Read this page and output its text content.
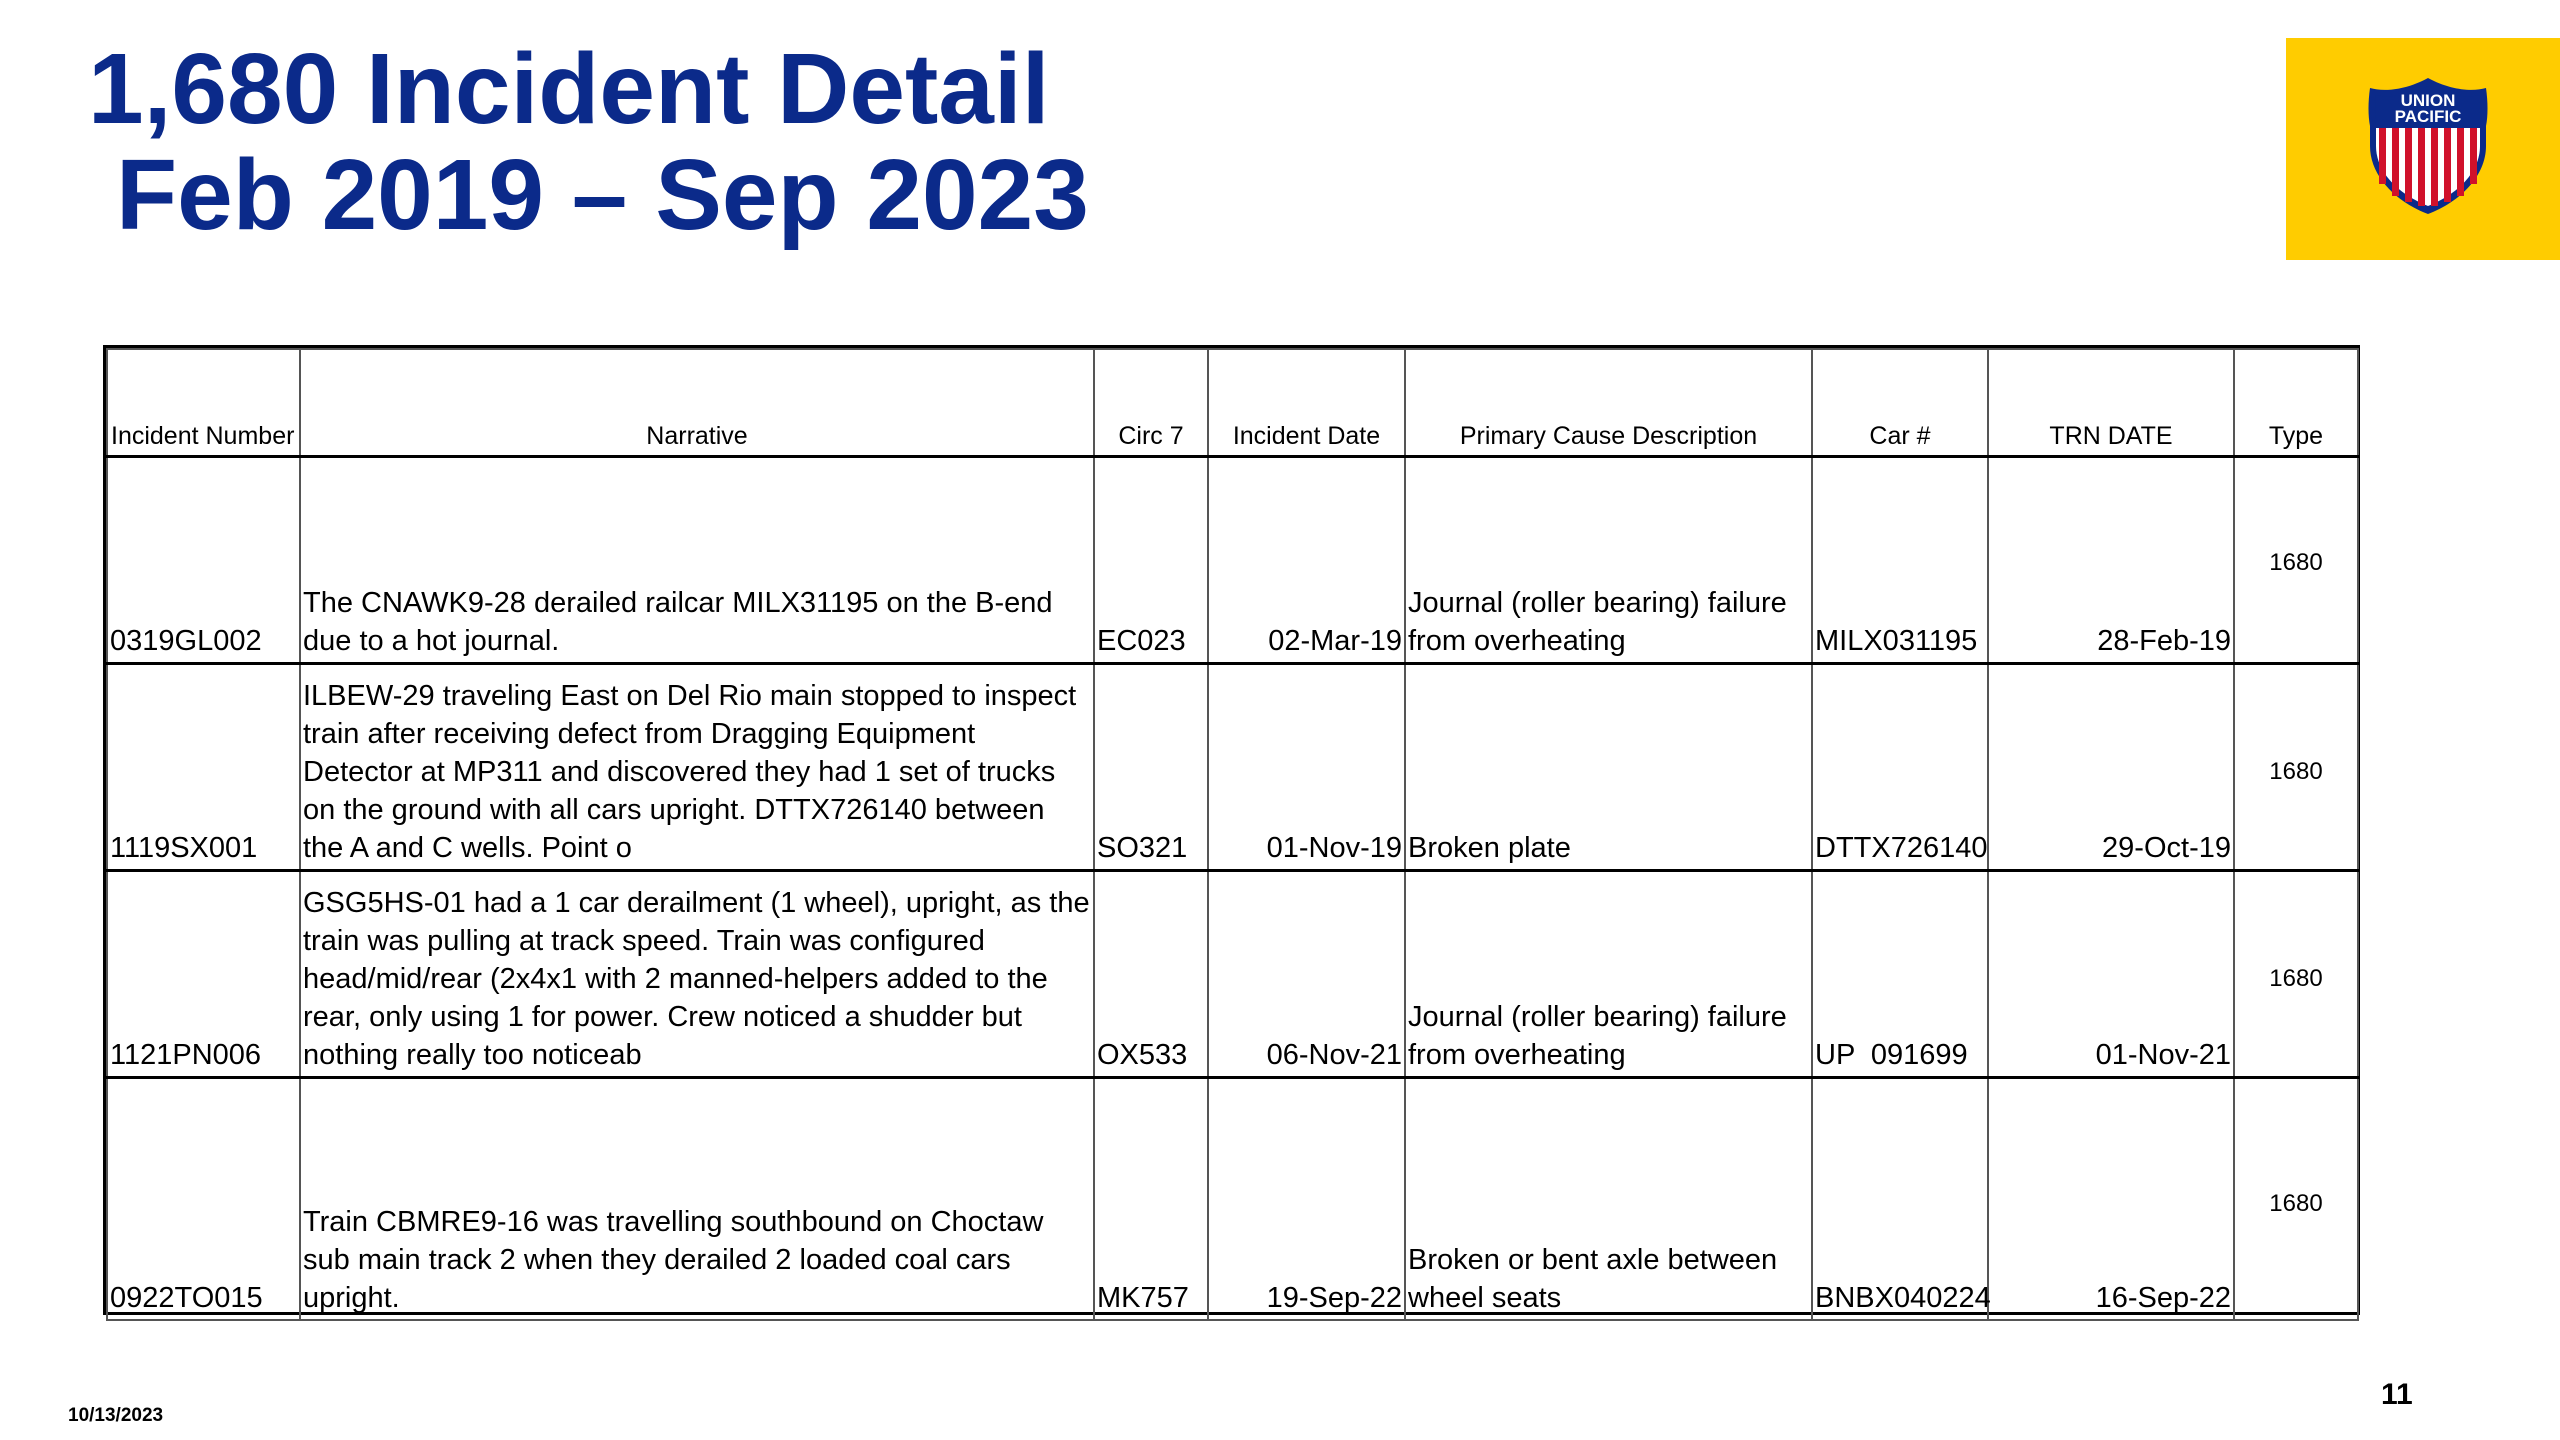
1,680 Incident Detail
Feb 2019 – Sep 2023
UNION
PACIFIC
Incident Number	Narrative	Circ 7	Incident Date	Primary Cause Description	Car #	TRN DATE	Type
0319GL002	The CNAWK9-28 derailed railcar MILX31195 on the B-end due to a hot journal.	EC023	02-Mar-19	Journal (roller bearing) failure from overheating	MILX031195	28-Feb-19	1680
1119SX001	ILBEW-29 traveling East on Del Rio main stopped to inspect train after receiving defect from Dragging Equipment Detector at MP311 and discovered they had 1 set of trucks on the ground with all cars upright. DTTX726140 between the A and C wells. Point o	SO321	01-Nov-19	Broken plate	DTTX726140	29-Oct-19	1680
1121PN006	GSG5HS-01 had a 1 car derailment (1 wheel), upright, as the train was pulling at track speed. Train was configured head/mid/rear (2x4x1 with 2 manned-helpers added to the rear, only using 1 for power. Crew noticed a shudder but nothing really too noticeab	OX533	06-Nov-21	Journal (roller bearing) failure from overheating	UP  091699	01-Nov-21	1680
0922TO015	Train CBMRE9-16 was travelling southbound on Choctaw sub main track 2 when they derailed 2 loaded coal cars upright.	MK757	19-Sep-22	Broken or bent axle between wheel seats	BNBX040224	16-Sep-22	1680
10/13/2023
11
